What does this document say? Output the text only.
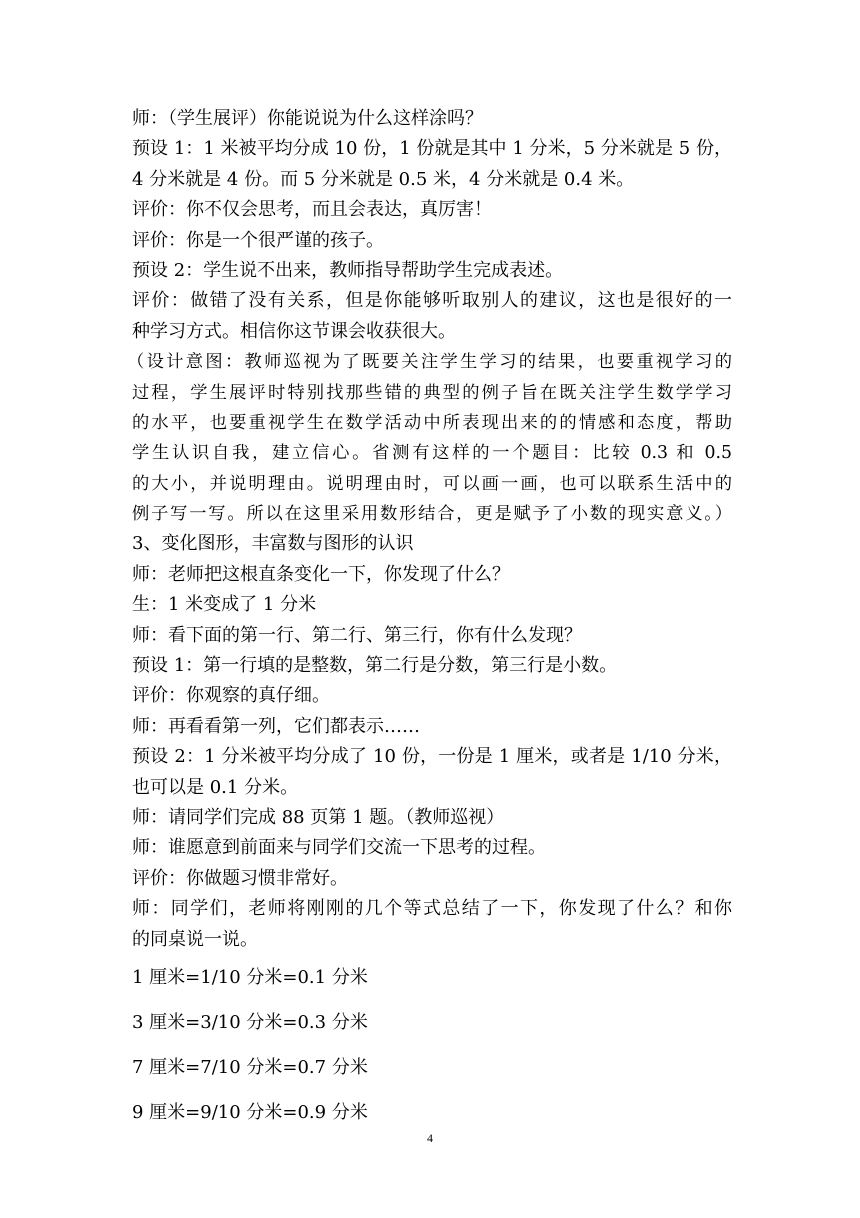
师：（学生展评）你能说说为什么这样涂吗？
预设 1：1 米被平均分成 10 份，1 份就是其中 1 分米，5 分米就是 5 份，
4 分米就是 4 份。而 5 分米就是 0.5 米，4 分米就是 0.4 米。
评价：你不仅会思考，而且会表达，真厉害！
评价：你是一个很严谨的孩子。
预设 2：学生说不出来，教师指导帮助学生完成表述。
评价：做错了没有关系，但是你能够听取别人的建议，这也是很好的一
种学习方式。相信你这节课会收获很大。
（设计意图：教师巡视为了既要关注学生学习的结果，也要重视学习的
过程，学生展评时特别找那些错的典型的例子旨在既关注学生数学学习
的水平，也要重视学生在数学活动中所表现出来的的情感和态度，帮助
学生认识自我，建立信心。省测有这样的一个题目：比较 0.3 和 0.5
的大小，并说明理由。说明理由时，可以画一画，也可以联系生活中的
例子写一写。所以在这里采用数形结合，更是赋予了小数的现实意义。）
3、变化图形，丰富数与图形的认识
师：老师把这根直条变化一下，你发现了什么？
生：1 米变成了 1 分米
师：看下面的第一行、第二行、第三行，你有什么发现？
预设 1：第一行填的是整数，第二行是分数，第三行是小数。
评价：你观察的真仔细。
师：再看看第一列，它们都表示……
预设 2：1 分米被平均分成了 10 份，一份是 1 厘米，或者是 1/10 分米，
也可以是 0.1 分米。
师：请同学们完成 88 页第 1 题。（教师巡视）
师：谁愿意到前面来与同学们交流一下思考的过程。
评价：你做题习惯非常好。
师：同学们，老师将刚刚的几个等式总结了一下，你发现了什么？和你
的同桌说一说。
1 厘米=1/10 分米=0.1 分米
3 厘米=3/10 分米=0.3 分米
7 厘米=7/10 分米=0.7 分米
9 厘米=9/10 分米=0.9 分米
4
